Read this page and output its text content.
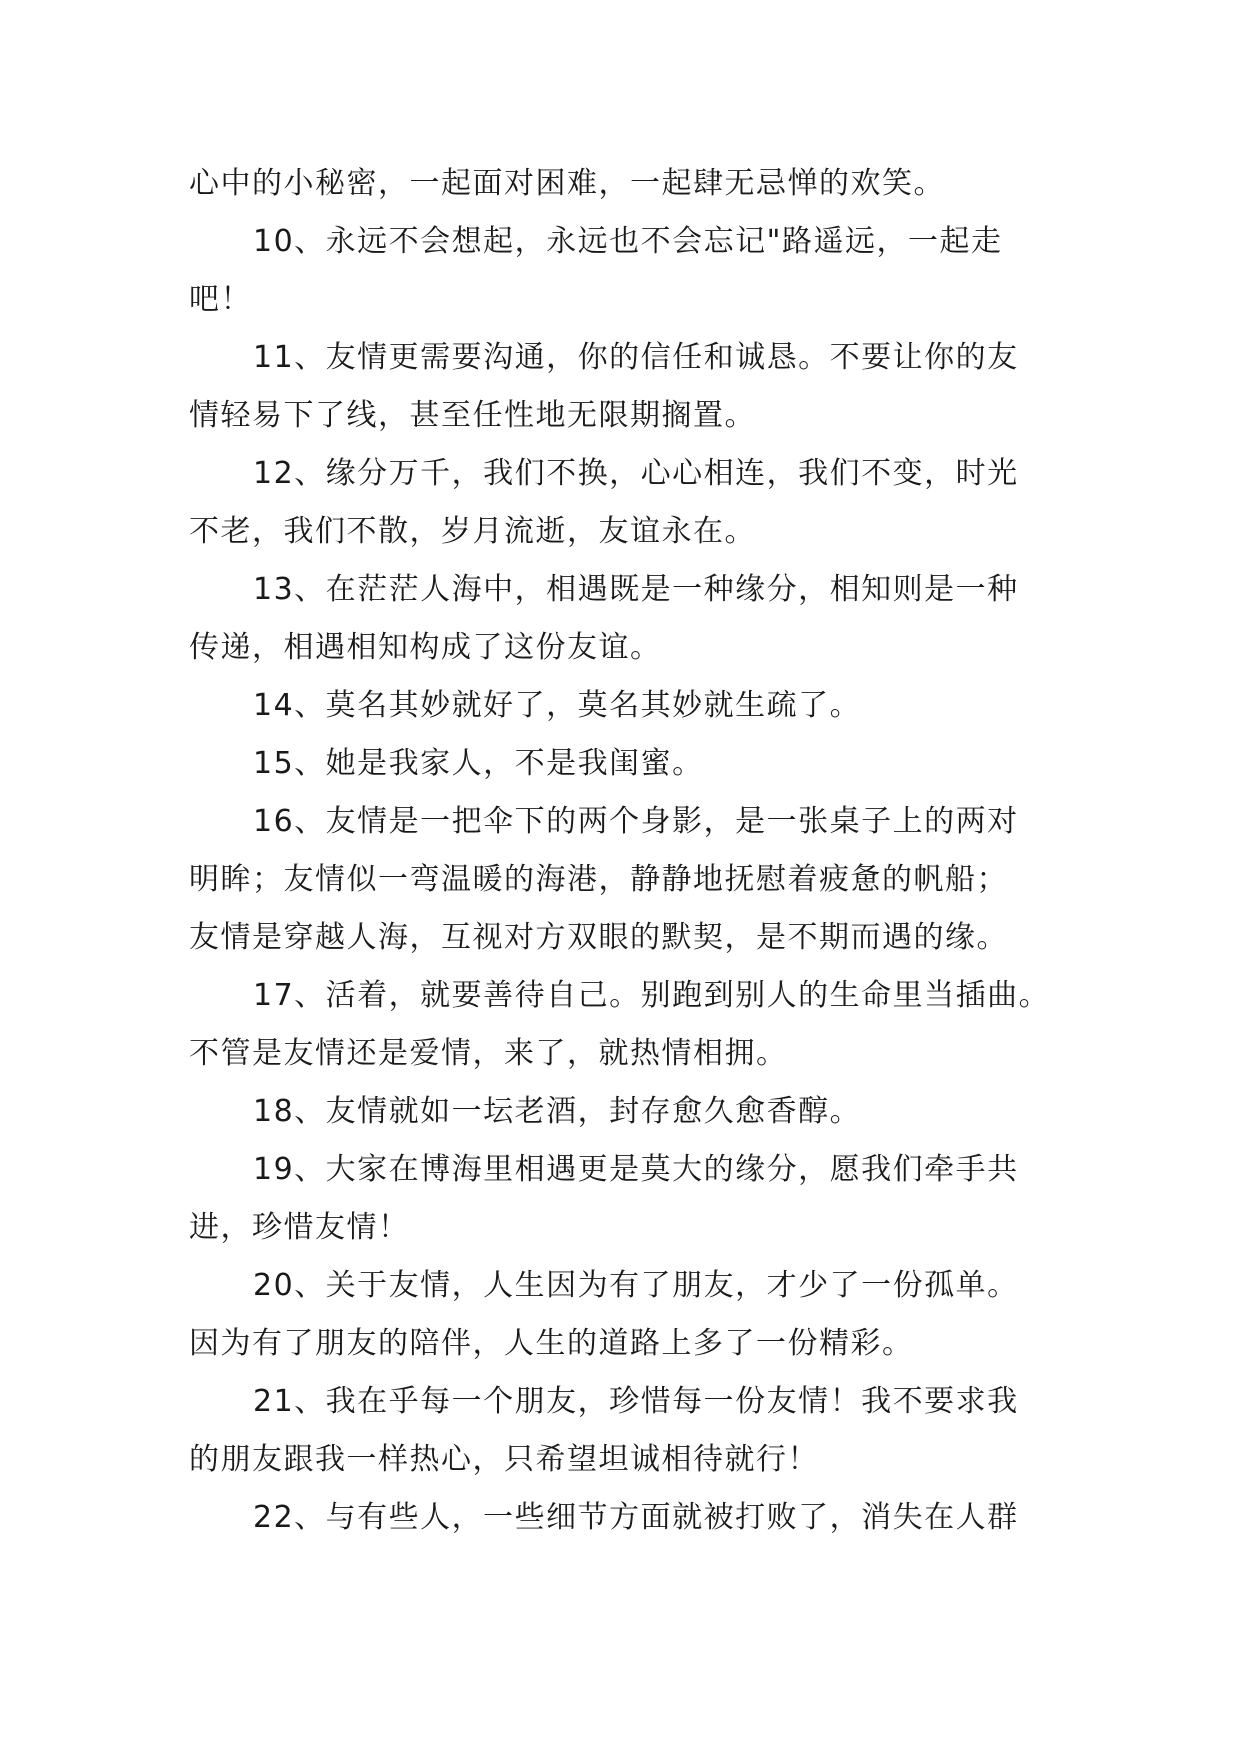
心中的小秘密，一起面对困难，一起肆无忌惮的欢笑。
10、永远不会想起，永远也不会忘记"路遥远，一起走
吧！
11、友情更需要沟通，你的信任和诚恳。不要让你的友
情轻易下了线，甚至任性地无限期搁置。
12、缘分万千，我们不换，心心相连，我们不变，时光
不老，我们不散，岁月流逝，友谊永在。
13、在茫茫人海中，相遇既是一种缘分，相知则是一种
传递，相遇相知构成了这份友谊。
14、莫名其妙就好了，莫名其妙就生疏了。
15、她是我家人，不是我闺蜜。
16、友情是一把伞下的两个身影，是一张桌子上的两对
明眸；友情似一弯温暖的海港，静静地抚慰着疲惫的帆船；
友情是穿越人海，互视对方双眼的默契，是不期而遇的缘。
17、活着，就要善待自己。别跑到别人的生命里当插曲。
不管是友情还是爱情，来了，就热情相拥。
18、友情就如一坛老酒，封存愈久愈香醇。
19、大家在博海里相遇更是莫大的缘分，愿我们牵手共
进，珍惜友情！
20、关于友情，人生因为有了朋友，才少了一份孤单。
因为有了朋友的陪伴，人生的道路上多了一份精彩。
21、我在乎每一个朋友，珍惜每一份友情！我不要求我
的朋友跟我一样热心，只希望坦诚相待就行！
22、与有些人，一些细节方面就被打败了，消失在人群
